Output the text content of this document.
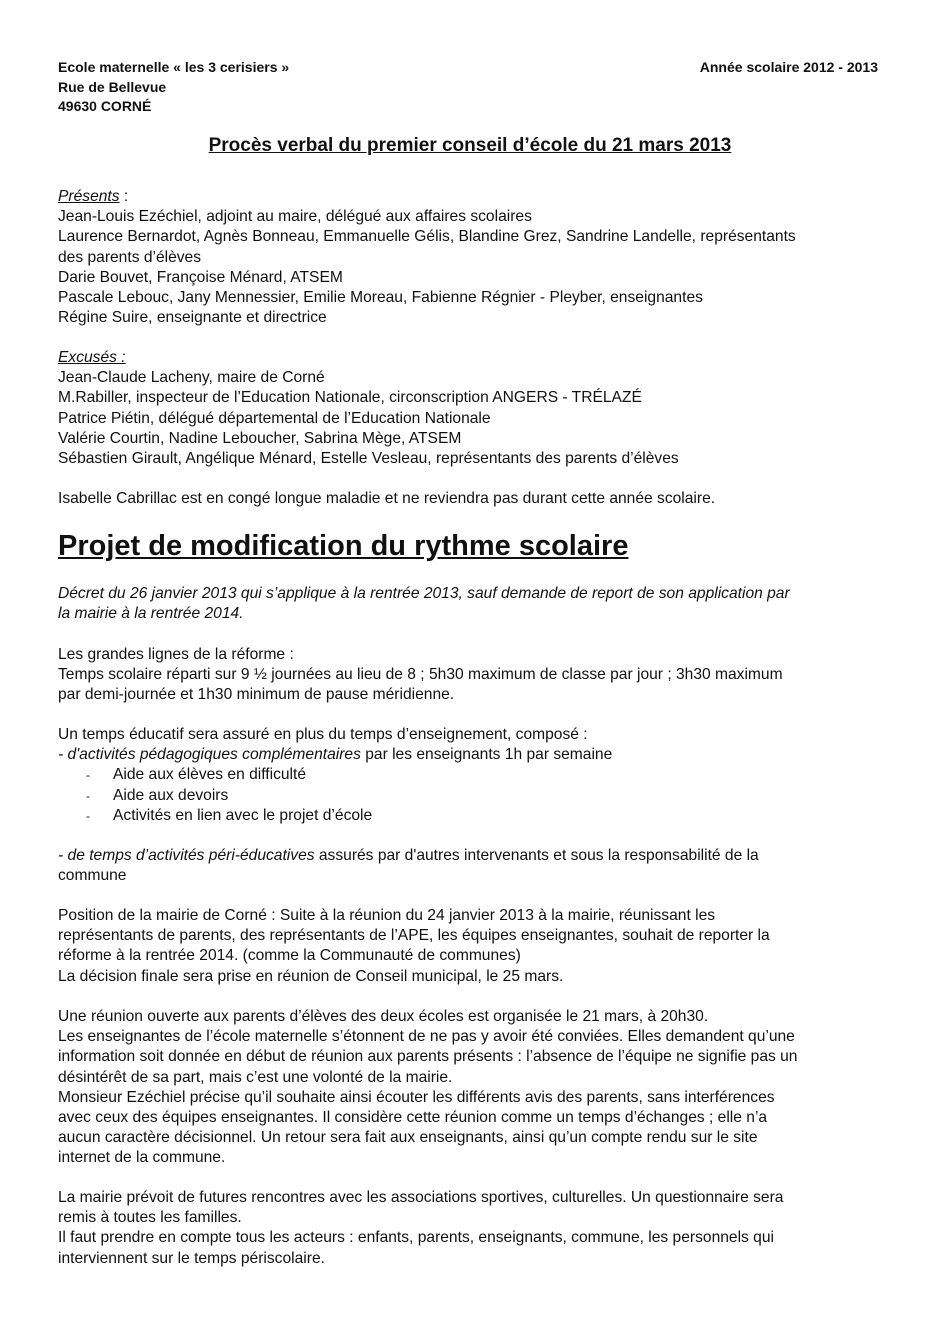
Ecole maternelle « les 3 cerisiers »
Rue de Bellevue
49630 CORNÉ
Année scolaire 2012 - 2013
Procès verbal du premier conseil d’école du 21 mars 2013
Présents :
Jean-Louis Ezéchiel, adjoint au maire, délégué aux affaires scolaires
Laurence Bernardot, Agnès Bonneau, Emmanuelle Gélis, Blandine Grez, Sandrine Landelle, représentants
des parents d’élèves
Darie Bouvet, Françoise Ménard, ATSEM
Pascale Lebouc, Jany Mennessier, Emilie Moreau, Fabienne Régnier - Pleyber, enseignantes
Régine Suire, enseignante et directrice
Excusés :
Jean-Claude Lacheny, maire de Corné
M.Rabiller, inspecteur de l’Education Nationale, circonscription ANGERS - TRÉLAZÉ
Patrice Piétin, délégué départemental de l’Education Nationale
Valérie Courtin, Nadine Leboucher, Sabrina Mège, ATSEM
Sébastien Girault, Angélique Ménard, Estelle Vesleau, représentants des parents d’élèves
Isabelle Cabrillac est en congé longue maladie et ne reviendra pas durant cette année scolaire.
Projet de modification du rythme scolaire
Décret du 26 janvier 2013 qui s’applique à la rentrée 2013, sauf demande de report de son application par
la mairie à la rentrée 2014.
Les grandes lignes de la réforme :
Temps scolaire réparti sur 9 ½ journées au lieu de 8 ; 5h30 maximum de classe par jour ; 3h30 maximum
par demi-journée et 1h30 minimum de pause méridienne.
Un temps éducatif sera assuré en plus du temps d’enseignement, composé :
- d'activités pédagogiques complémentaires par les enseignants 1h par semaine
- Aide aux élèves en difficulté
- Aide aux devoirs
- Activités en lien avec le projet d’école
- de temps d’activités péri-éducatives assurés par d'autres intervenants et sous la responsabilité de la
commune
Position de la mairie de Corné : Suite à la réunion du 24 janvier 2013 à la mairie, réunissant les
représentants de parents, des représentants de l’APE, les équipes enseignantes, souhait de reporter la
réforme à la rentrée 2014. (comme la Communauté de communes)
La décision finale sera prise en réunion de Conseil municipal, le 25 mars.
Une réunion ouverte aux parents d’élèves des deux écoles est organisée le 21 mars, à 20h30.
Les enseignantes de l’école maternelle s’étonnent de ne pas y avoir été conviées. Elles demandent qu’une
information soit donnée en début de réunion aux parents présents : l’absence de l’équipe ne signifie pas un
désintérêt de sa part, mais c’est une volonté de la mairie.
Monsieur Ezéchiel précise qu’il souhaite ainsi écouter les différents avis des parents, sans interférences
avec ceux des équipes enseignantes. Il considère cette réunion comme un temps d’échanges ; elle n’a
aucun caractère décisionnel. Un retour sera fait aux enseignants, ainsi qu’un compte rendu sur le site
internet de la commune.
La mairie prévoit de futures rencontres avec les associations sportives, culturelles. Un questionnaire sera
remis à toutes les familles.
Il faut prendre en compte tous les acteurs : enfants, parents, enseignants, commune, les personnels qui
interviennent sur le temps périscolaire.
